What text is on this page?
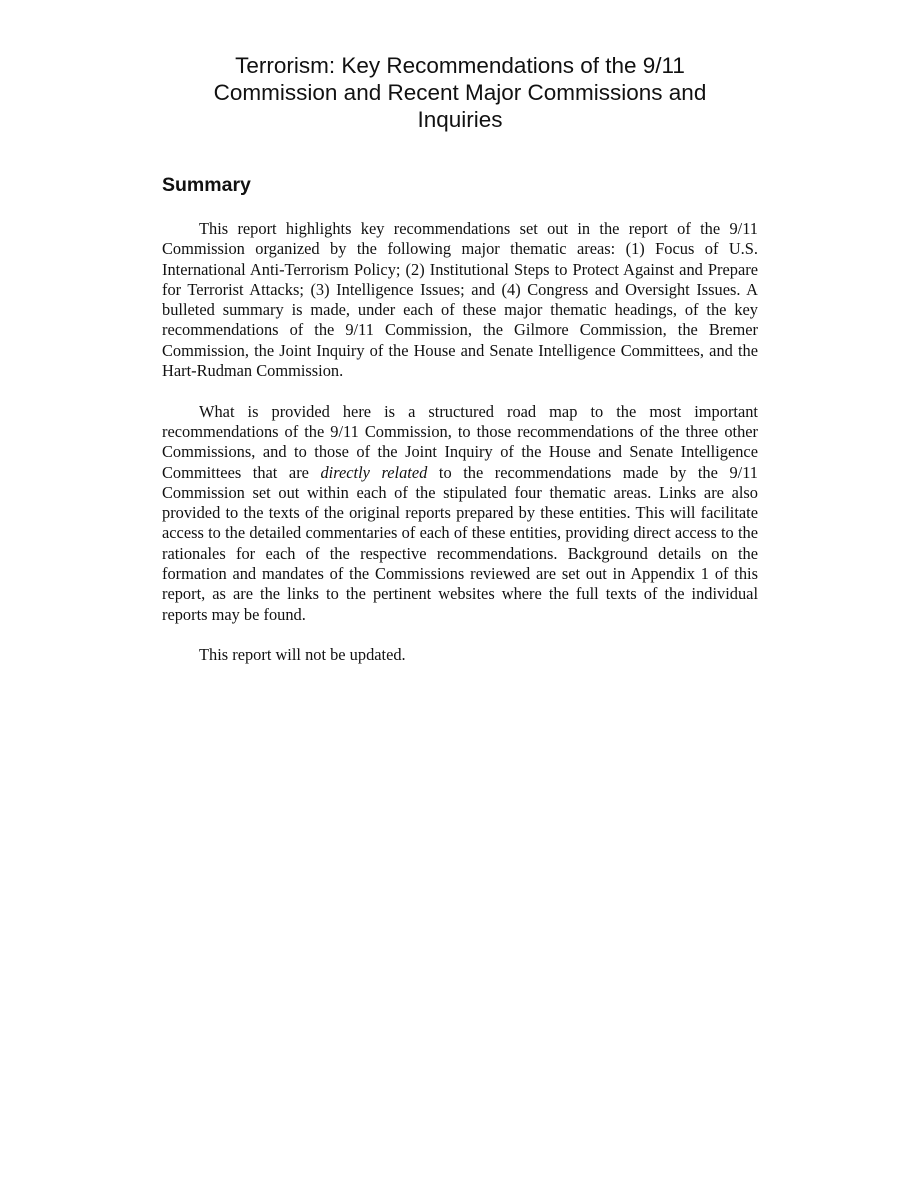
Terrorism: Key Recommendations of the 9/11 Commission and Recent Major Commissions and Inquiries
Summary

This report highlights key recommendations set out in the report of the 9/11 Commission organized by the following major thematic areas: (1) Focus of U.S. International Anti-Terrorism Policy; (2) Institutional Steps to Protect Against and Prepare for Terrorist Attacks; (3) Intelligence Issues; and (4) Congress and Oversight Issues. A bulleted summary is made, under each of these major thematic headings, of the key recommendations of the 9/11 Commission, the Gilmore Commission, the Bremer Commission, the Joint Inquiry of the House and Senate Intelligence Committees, and the Hart-Rudman Commission.

What is provided here is a structured road map to the most important recommendations of the 9/11 Commission, to those recommendations of the three other Commissions, and to those of the Joint Inquiry of the House and Senate Intelligence Committees that are directly related to the recommendations made by the 9/11 Commission set out within each of the stipulated four thematic areas. Links are also provided to the texts of the original reports prepared by these entities. This will facilitate access to the detailed commentaries of each of these entities, providing direct access to the rationales for each of the respective recommendations. Background details on the formation and mandates of the Commissions reviewed are set out in Appendix 1 of this report, as are the links to the pertinent websites where the full texts of the individual reports may be found.

This report will not be updated.
